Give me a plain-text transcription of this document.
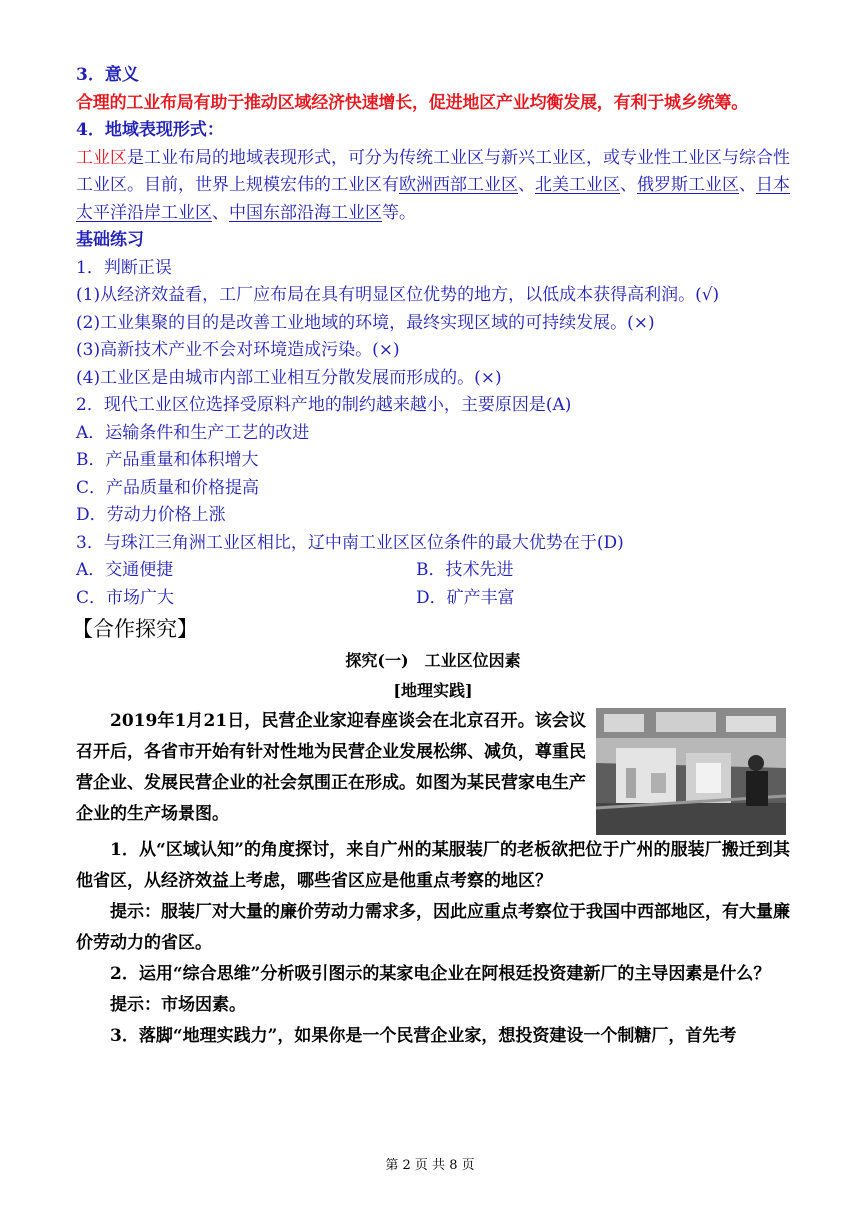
3．意义
合理的工业布局有助于推动区域经济快速增长，促进地区产业均衡发展，有利于城乡统筹。
4．地域表现形式：
工业区是工业布局的地域表现形式，可分为传统工业区与新兴工业区，或专业性工业区与综合性工业区。目前，世界上规模宏伟的工业区有欧洲西部工业区、北美工业区、俄罗斯工业区、日本太平洋沿岸工业区、中国东部沿海工业区等。
基础练习
1．判断正误
(1)从经济效益看，工厂应布局在具有明显区位优势的地方，以低成本获得高利润。(√)
(2)工业集聚的目的是改善工业地域的环境，最终实现区域的可持续发展。(×)
(3)高新技术产业不会对环境造成污染。(×)
(4)工业区是由城市内部工业相互分散发展而形成的。(×)
2．现代工业区位选择受原料产地的制约越来越小，主要原因是(A)
A．运输条件和生产工艺的改进
B．产品重量和体积增大
C．产品质量和价格提高
D．劳动力价格上涨
3．与珠江三角洲工业区相比，辽中南工业区区位条件的最大优势在于(D)
A．交通便捷	B．技术先进
C．市场广大	D．矿产丰富
【合作探究】
探究(一)　工业区位因素
[地理实践]
2019年1月21日，民营企业家迎春座谈会在北京召开。该会议召开后，各省市开始有针对性地为民营企业发展松绑、减负，尊重民营企业、发展民营企业的社会氛围正在形成。如图为某民营家电生产企业的生产场景图。
1．从“区域认知”的角度探讨，来自广州的某服装厂的老板欲把位于广州的服装厂搬迁到其他省区，从经济效益上考虑，哪些省区应是他重点考察的地区？
提示：服装厂对大量的廉价劳动力需求多，因此应重点考察位于我国中西部地区，有大量廉价劳动力的省区。
2．运用“综合思维”分析吸引图示的某家电企业在阿根廷投资建新厂的主导因素是什么？
提示：市场因素。
3．落脚“地理实践力”，如果你是一个民营企业家，想投资建设一个制糖厂，首先考
第 2 页 共 8 页
